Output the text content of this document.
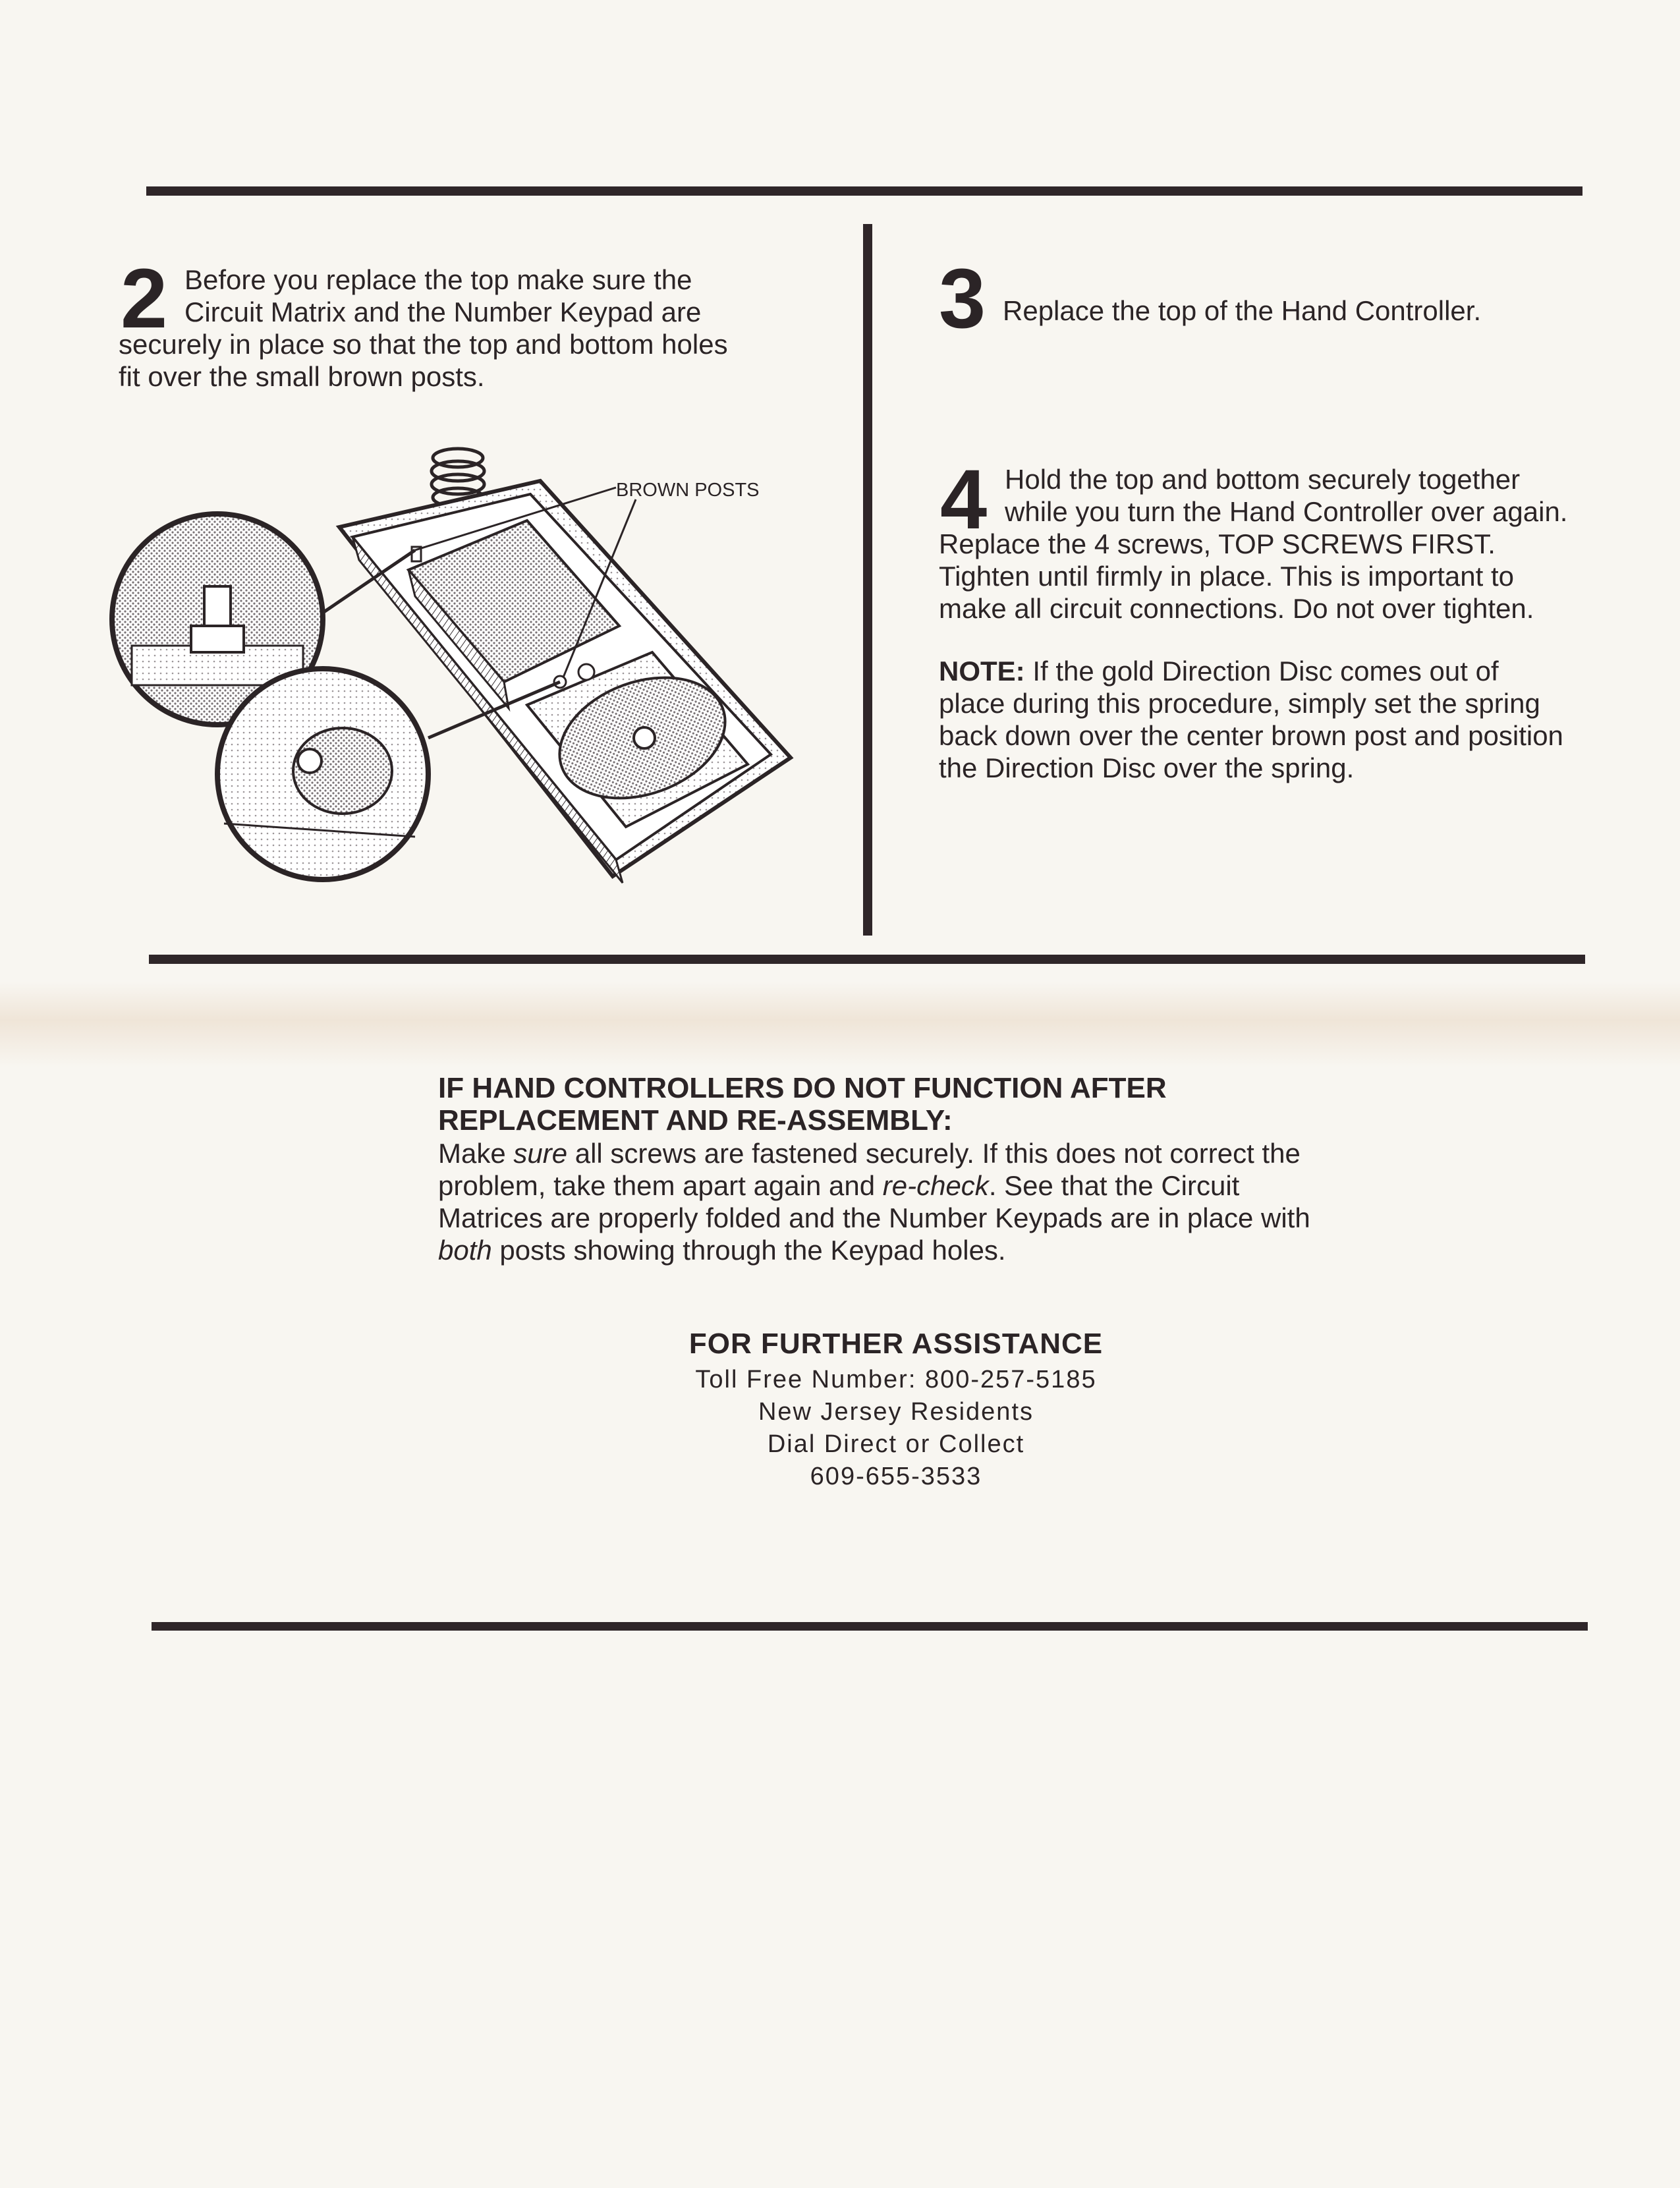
2 Before you replace the top make sure the
Circuit Matrix and the Number Keypad are
securely in place so that the top and bottom holes
fit over the small brown posts.
BROWN POSTS
3 Replace the top of the Hand Controller.
4 Hold the top and bottom securely together
while you turn the Hand Controller over again.
Replace the 4 screws, TOP SCREWS FIRST.
Tighten until firmly in place. This is important to
make all circuit connections. Do not over tighten.
NOTE: If the gold Direction Disc comes out of
place during this procedure, simply set the spring
back down over the center brown post and position
the Direction Disc over the spring.
IF HAND CONTROLLERS DO NOT FUNCTION AFTER
REPLACEMENT AND RE-ASSEMBLY:
Make sure all screws are fastened securely. If this does not correct the
problem, take them apart again and re-check. See that the Circuit
Matrices are properly folded and the Number Keypads are in place with
both posts showing through the Keypad holes.
FOR FURTHER ASSISTANCE
Toll Free Number: 800-257-5185
New Jersey Residents
Dial Direct or Collect
609-655-3533
